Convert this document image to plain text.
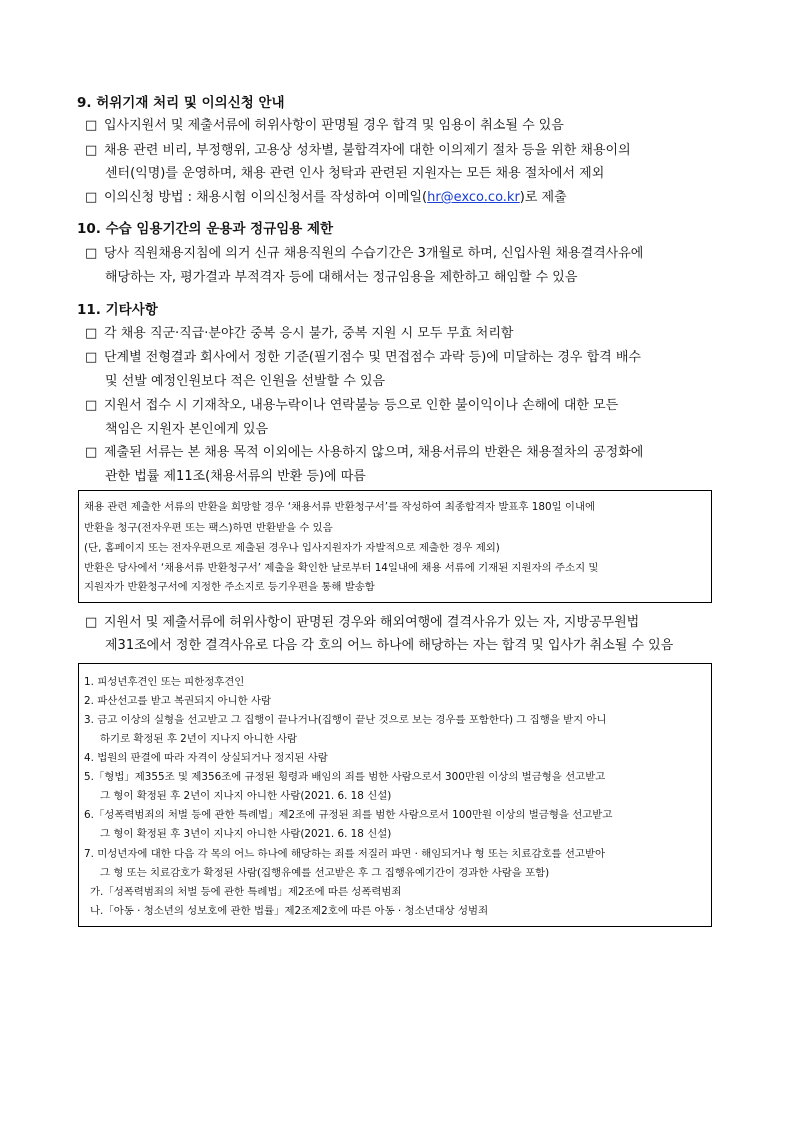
9. 허위기재 처리 및 이의신청 안내
□ 입사지원서 및 제출서류에 허위사항이 판명될 경우 합격 및 임용이 취소될 수 있음
□ 채용 관련 비리, 부정행위, 고용상 성차별, 불합격자에 대한 이의제기 절차 등을 위한 채용이의
센터(익명)를 운영하며, 채용 관련 인사 청탁과 관련된 지원자는 모든 채용 절차에서 제외
□ 이의신청 방법 : 채용시험 이의신청서를 작성하여 이메일(hr@exco.co.kr)로 제출
10. 수습 임용기간의 운용과 정규임용 제한
□ 당사 직원채용지침에 의거 신규 채용직원의 수습기간은 3개월로 하며, 신입사원 채용결격사유에
해당하는 자, 평가결과 부적격자 등에 대해서는 정규임용을 제한하고 해임할 수 있음
11. 기타사항
□ 각 채용 직군·직급·분야간 중복 응시 불가, 중복 지원 시 모두 무효 처리함
□ 단계별 전형결과 회사에서 정한 기준(필기점수 및 면접점수 과락 등)에 미달하는 경우 합격 배수
및 선발 예정인원보다 적은 인원을 선발할 수 있음
□ 지원서 접수 시 기재착오, 내용누락이나 연락불능 등으로 인한 불이익이나 손해에 대한 모든
책임은 지원자 본인에게 있음
□ 제출된 서류는 본 채용 목적 이외에는 사용하지 않으며, 채용서류의 반환은 채용절차의 공정화에
관한 법률 제11조(채용서류의 반환 등)에 따름
채용 관련 제출한 서류의 반환을 희망할 경우 ‘채용서류 반환청구서’를 작성하여 최종합격자 발표후 180일 이내에
반환을 청구(전자우편 또는 팩스)하면 반환받을 수 있음
(단, 홈페이지 또는 전자우편으로 제출된 경우나 입사지원자가 자발적으로 제출한 경우 제외)
반환은 당사에서 ‘채용서류 반환청구서’ 제출을 확인한 날로부터 14일내에 채용 서류에 기재된 지원자의 주소지 및
지원자가 반환청구서에 지정한 주소지로 등기우편을 통해 발송함
□ 지원서 및 제출서류에 허위사항이 판명된 경우와 해외여행에 결격사유가 있는 자, 지방공무원법
제31조에서 정한 결격사유로 다음 각 호의 어느 하나에 해당하는 자는 합격 및 입사가 취소될 수 있음
1. 피성년후견인 또는 피한정후견인
2. 파산선고를 받고 복권되지 아니한 사람
3. 금고 이상의 실형을 선고받고 그 집행이 끝나거나(집행이 끝난 것으로 보는 경우를 포함한다) 그 집행을 받지 아니
하기로 확정된 후 2년이 지나지 아니한 사람
4. 법원의 판결에 따라 자격이 상실되거나 정지된 사람
5.「형법」제355조 및 제356조에 규정된 횡령과 배임의 죄를 범한 사람으로서 300만원 이상의 벌금형을 선고받고
그 형이 확정된 후 2년이 지나지 아니한 사람(2021. 6. 18 신설)
6.「성폭력범죄의 처벌 등에 관한 특례법」제2조에 규정된 죄를 범한 사람으로서 100만원 이상의 벌금형을 선고받고
그 형이 확정된 후 3년이 지나지 아니한 사람(2021. 6. 18 신설)
7. 미성년자에 대한 다음 각 목의 어느 하나에 해당하는 죄를 저질러 파면 · 해임되거나 형 또는 치료감호를 선고받아
그 형 또는 치료감호가 확정된 사람(집행유예를 선고받은 후 그 집행유예기간이 경과한 사람을 포함)
가.「성폭력범죄의 처벌 등에 관한 특례법」제2조에 따른 성폭력범죄
나.「아동 · 청소년의 성보호에 관한 법률」제2조제2호에 따른 아동 · 청소년대상 성범죄
